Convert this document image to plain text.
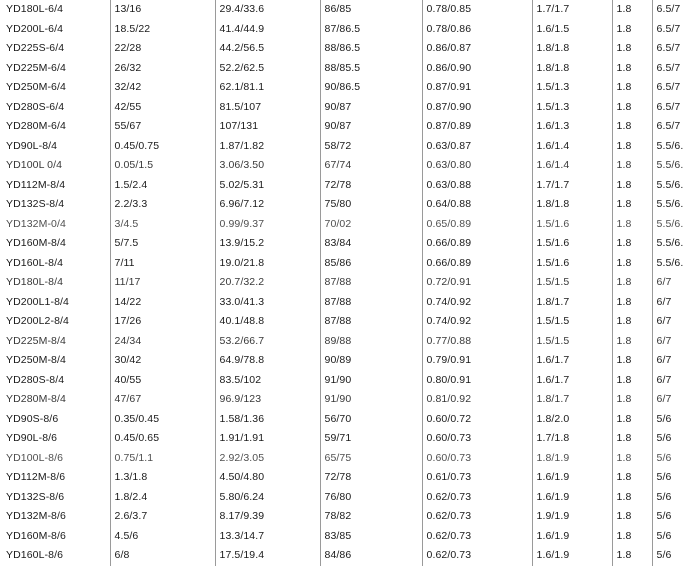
YD180L-6/4	13/16	29.4/33.6	86/85	0.78/0.85	1.7/1.7	1.8	6.5/7
YD200L-6/4	18.5/22	41.4/44.9	87/86.5	0.78/0.86	1.6/1.5	1.8	6.5/7
YD225S-6/4	22/28	44.2/56.5	88/86.5	0.86/0.87	1.8/1.8	1.8	6.5/7
YD225M-6/4	26/32	52.2/62.5	88/85.5	0.86/0.90	1.8/1.8	1.8	6.5/7
YD250M-6/4	32/42	62.1/81.1	90/86.5	0.87/0.91	1.5/1.3	1.8	6.5/7
YD280S-6/4	42/55	81.5/107	90/87	0.87/0.90	1.5/1.3	1.8	6.5/7
YD280M-6/4	55/67	107/131	90/87	0.87/0.89	1.6/1.3	1.8	6.5/7
YD90L-8/4	0.45/0.75	1.87/1.82	58/72	0.63/0.87	1.6/1.4	1.8	5.5/6.
YD100L 0/4	0.05/1.5	3.06/3.50	67/74	0.63/0.80	1.6/1.4	1.8	5.5/6.
YD112M-8/4	1.5/2.4	5.02/5.31	72/78	0.63/0.88	1.7/1.7	1.8	5.5/6.
YD132S-8/4	2.2/3.3	6.96/7.12	75/80	0.64/0.88	1.8/1.8	1.8	5.5/6.
YD132M-0/4	3/4.5	0.99/9.37	70/02	0.65/0.89	1.5/1.6	1.8	5.5/6.
YD160M-8/4	5/7.5	13.9/15.2	83/84	0.66/0.89	1.5/1.6	1.8	5.5/6.
YD160L-8/4	7/11	19.0/21.8	85/86	0.66/0.89	1.5/1.6	1.8	5.5/6.
YD180L-8/4	11/17	20.7/32.2	87/88	0.72/0.91	1.5/1.5	1.8	6/7
YD200L1-8/4	14/22	33.0/41.3	87/88	0.74/0.92	1.8/1.7	1.8	6/7
YD200L2-8/4	17/26	40.1/48.8	87/88	0.74/0.92	1.5/1.5	1.8	6/7
YD225M-8/4	24/34	53.2/66.7	89/88	0.77/0.88	1.5/1.5	1.8	6/7
YD250M-8/4	30/42	64.9/78.8	90/89	0.79/0.91	1.6/1.7	1.8	6/7
YD280S-8/4	40/55	83.5/102	91/90	0.80/0.91	1.6/1.7	1.8	6/7
YD280M-8/4	47/67	96.9/123	91/90	0.81/0.92	1.8/1.7	1.8	6/7
YD90S-8/6	0.35/0.45	1.58/1.36	56/70	0.60/0.72	1.8/2.0	1.8	5/6
YD90L-8/6	0.45/0.65	1.91/1.91	59/71	0.60/0.73	1.7/1.8	1.8	5/6
YD100L-8/6	0.75/1.1	2.92/3.05	65/75	0.60/0.73	1.8/1.9	1.8	5/6
YD112M-8/6	1.3/1.8	4.50/4.80	72/78	0.61/0.73	1.6/1.9	1.8	5/6
YD132S-8/6	1.8/2.4	5.80/6.24	76/80	0.62/0.73	1.6/1.9	1.8	5/6
YD132M-8/6	2.6/3.7	8.17/9.39	78/82	0.62/0.73	1.9/1.9	1.8	5/6
YD160M-8/6	4.5/6	13.3/14.7	83/85	0.62/0.73	1.6/1.9	1.8	5/6
YD160L-8/6	6/8	17.5/19.4	84/86	0.62/0.73	1.6/1.9	1.8	5/6
